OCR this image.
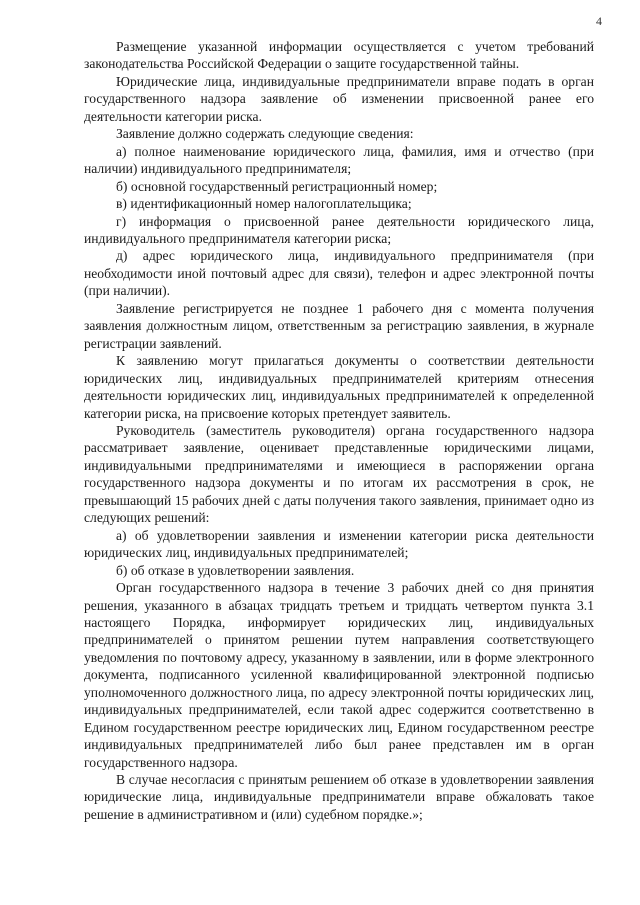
4

Размещение указанной информации осуществляется с учетом требований законодательства Российской Федерации о защите государственной тайны.

Юридические лица, индивидуальные предприниматели вправе подать в орган государственного надзора заявление об изменении присвоенной ранее его деятельности категории риска.

Заявление должно содержать следующие сведения:

а) полное наименование юридического лица, фамилия, имя и отчество (при наличии) индивидуального предпринимателя;

б) основной государственный регистрационный номер;

в) идентификационный номер налогоплательщика;

г) информация о присвоенной ранее деятельности юридического лица, индивидуального предпринимателя категории риска;

д) адрес юридического лица, индивидуального предпринимателя (при необходимости иной почтовый адрес для связи), телефон и адрес электронной почты (при наличии).

Заявление регистрируется не позднее 1 рабочего дня с момента получения заявления должностным лицом, ответственным за регистрацию заявления, в журнале регистрации заявлений.

К заявлению могут прилагаться документы о соответствии деятельности юридических лиц, индивидуальных предпринимателей критериям отнесения деятельности юридических лиц, индивидуальных предпринимателей к определенной категории риска, на присвоение которых претендует заявитель.

Руководитель (заместитель руководителя) органа государственного надзора рассматривает заявление, оценивает представленные юридическими лицами, индивидуальными предпринимателями и имеющиеся в распоряжении органа государственного надзора документы и по итогам их рассмотрения в срок, не превышающий 15 рабочих дней с даты получения такого заявления, принимает одно из следующих решений:

а) об удовлетворении заявления и изменении категории риска деятельности юридических лиц, индивидуальных предпринимателей;

б) об отказе в удовлетворении заявления.

Орган государственного надзора в течение 3 рабочих дней со дня принятия решения, указанного в абзацах тридцать третьем и тридцать четвертом пункта 3.1 настоящего Порядка, информирует юридических лиц, индивидуальных предпринимателей о принятом решении путем направления соответствующего уведомления по почтовому адресу, указанному в заявлении, или в форме электронного документа, подписанного усиленной квалифицированной электронной подписью уполномоченного должностного лица, по адресу электронной почты юридических лиц, индивидуальных предпринимателей, если такой адрес содержится соответственно в Едином государственном реестре юридических лиц, Едином государственном реестре индивидуальных предпринимателей либо был ранее представлен им в орган государственного надзора.

В случае несогласия с принятым решением об отказе в удовлетворении заявления юридические лица, индивидуальные предприниматели вправе обжаловать такое решение в административном и (или) судебном порядке.»;
